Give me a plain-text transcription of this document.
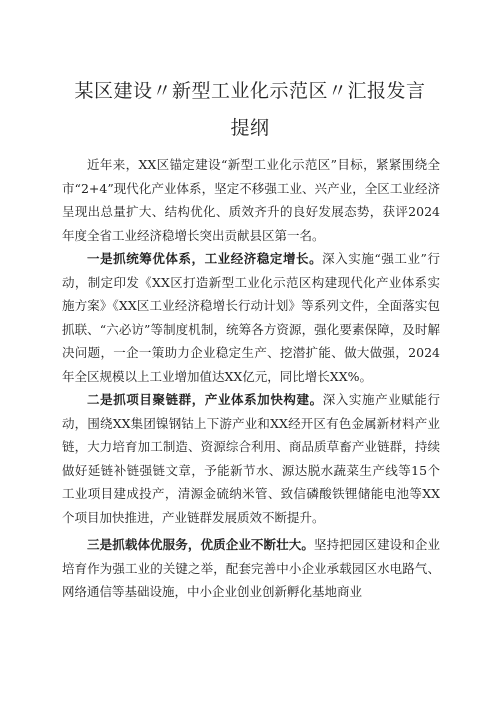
某区建设〃新型工业化示范区〃汇报发言
提纲

近年来，XX区锚定建设“新型工业化示范区”目标，紧紧围绕全市“2+4”现代化产业体系，坚定不移强工业、兴产业，全区工业经济呈现出总量扩大、结构优化、质效齐升的良好发展态势，获评2024年度全省工业经济稳增长突出贡献县区第一名。

一是抓统筹优体系，工业经济稳定增长。深入实施“强工业”行动，制定印发《XX区打造新型工业化示范区构建现代化产业体系实施方案》《XX区工业经济稳增长行动计划》等系列文件，全面落实包抓联、“六必访”等制度机制，统筹各方资源，强化要素保障，及时解决问题，一企一策助力企业稳定生产、挖潜扩能、做大做强，2024年全区规模以上工业增加值达XX亿元，同比增长XX%。

二是抓项目聚链群，产业体系加快构建。深入实施产业赋能行动，围绕XX集团镍钢钴上下游产业和XX经开区有色金属新材料产业链，大力培育加工制造、资源综合利用、商品质草畜产业链群，持续做好延链补链强链文章，予能新节水、源达脱水蔬菜生产线等15个工业项目建成投产，清源金硫纳米管、致信磷酸铁锂储能电池等XX个项目加快推进，产业链群发展质效不断提升。

三是抓载体优服务，优质企业不断壮大。坚持把园区建设和企业培育作为强工业的关键之举，配套完善中小企业承载园区水电路气、网络通信等基础设施，中小企业创业创新孵化基地商业
